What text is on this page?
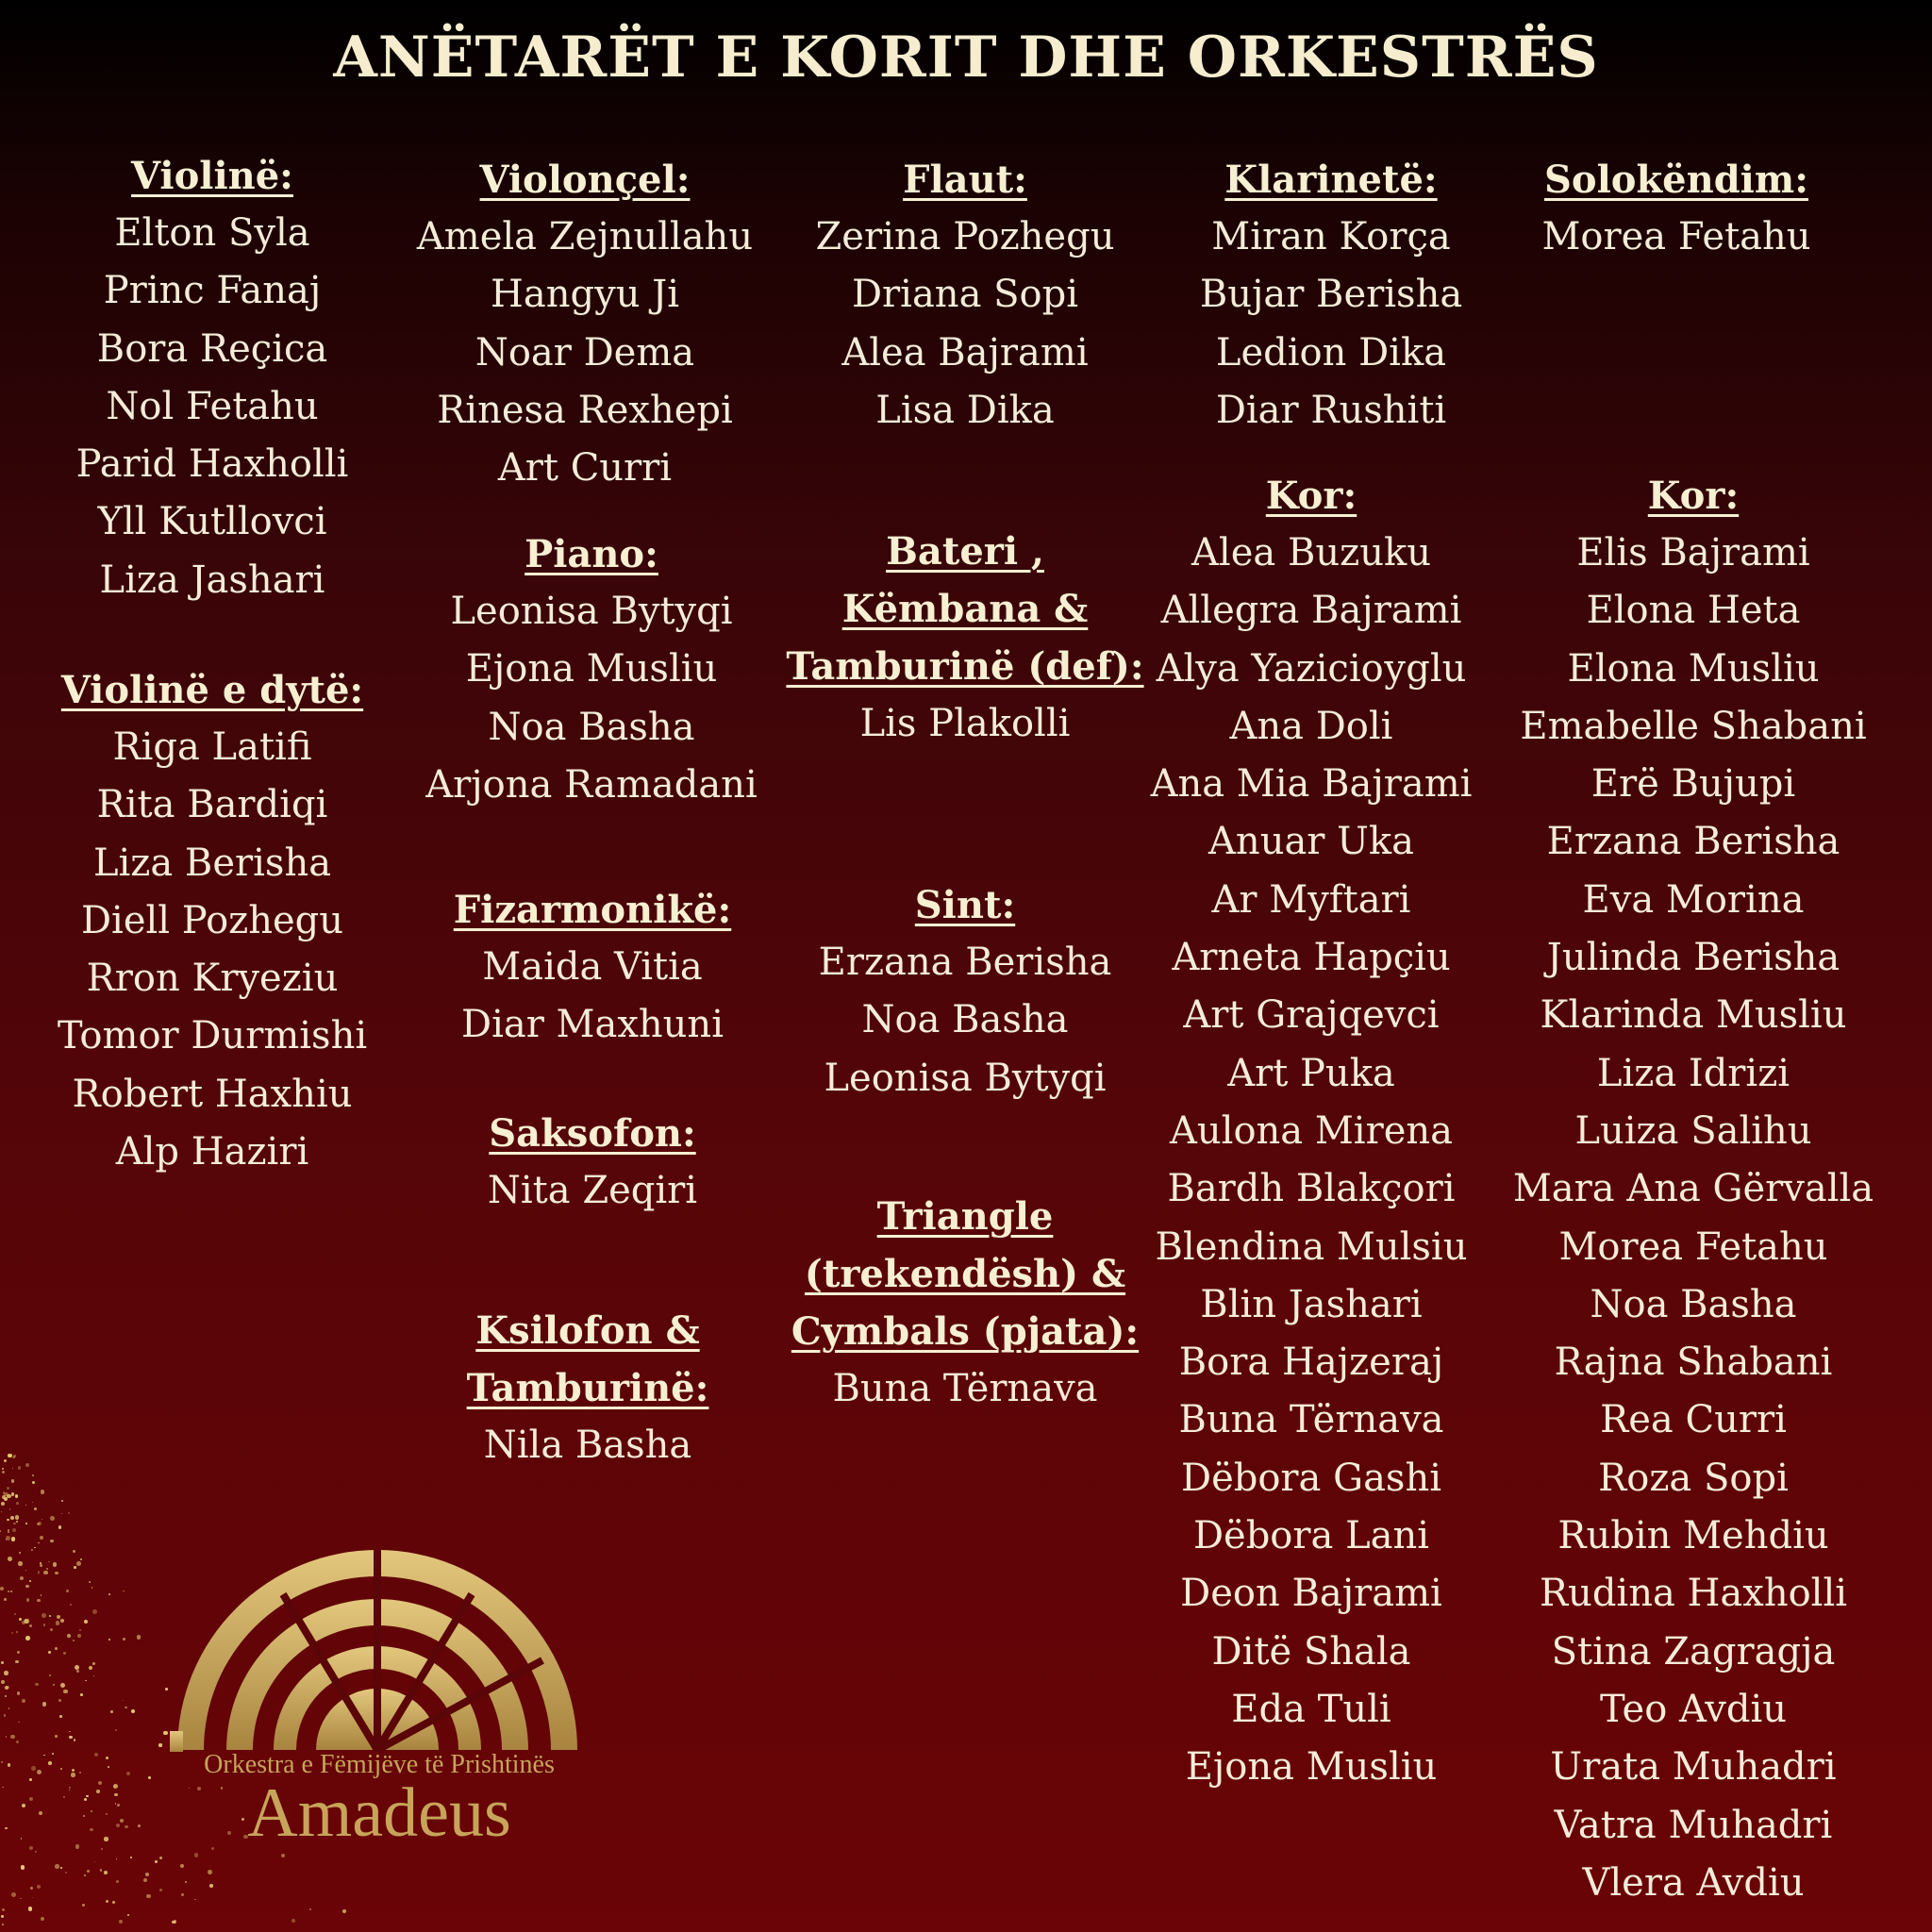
ANËTARËT E KORIT DHE ORKESTRËS
Violinë:
Elton Syla
Princ Fanaj
Bora Reçica
Nol Fetahu
Parid Haxholli
Yll Kutllovci
Liza Jashari
Violinë e dytë:
Riga Latifi
Rita Bardiqi
Liza Berisha
Diell Pozhegu
Rron Kryeziu
Tomor Durmishi
Robert Haxhiu
Alp Haziri
Violonçel:
Amela Zejnullahu
Hangyu Ji
Noar Dema
Rinesa Rexhepi
Art Curri
Piano:
Leonisa Bytyqi
Ejona Musliu
Noa Basha
Arjona Ramadani
Fizarmonikë:
Maida Vitia
Diar Maxhuni
Saksofon:
Nita Zeqiri
Ksilofon &
Tamburinë:
Nila Basha
Flaut:
Zerina Pozhegu
Driana Sopi
Alea Bajrami
Lisa Dika
Bateri ,
Këmbana &
Tamburinë (def):
Lis Plakolli
Sint:
Erzana Berisha
Noa Basha
Leonisa Bytyqi
Triangle
(trekendësh) &
Cymbals (pjata):
Buna Tërnava
Klarinetë:
Miran Korça
Bujar Berisha
Ledion Dika
Diar Rushiti
Kor:
Alea Buzuku
Allegra Bajrami
Alya Yazicioуglu
Ana Doli
Ana Mia Bajrami
Anuar Uka
Ar Myftari
Arneta Hapçiu
Art Grajqevci
Art Puka
Aulona Mirena
Bardh Blakçori
Blendina Mulsiu
Blin Jashari
Bora Hajzeraj
Buna Tërnava
Dëbora Gashi
Dëbora Lani
Deon Bajrami
Ditë Shala
Eda Tuli
Ejona Musliu
Solokëndim:
Morea Fetahu
Kor:
Elis Bajrami
Elona Heta
Elona Musliu
Emabelle Shabani
Erë Bujupi
Erzana Berisha
Eva Morina
Julinda Berisha
Klarinda Musliu
Liza Idrizi
Luiza Salihu
Mara Ana Gërvalla
Morea Fetahu
Noa Basha
Rajna Shabani
Rea Curri
Roza Sopi
Rubin Mehdiu
Rudina Haxholli
Stina Zagragja
Teo Avdiu
Urata Muhadri
Vatra Muhadri
Vlera Avdiu
Orkestra e Fëmijëve të Prishtinës
Amadeus
